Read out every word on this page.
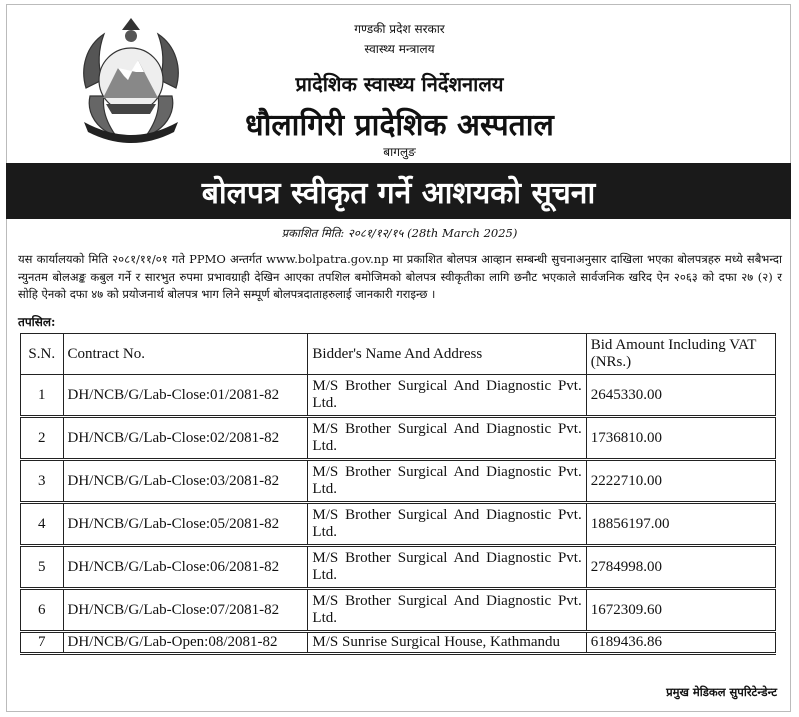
गण्डकी प्रदेश सरकार
स्वास्थ्य मन्त्रालय
प्रादेशिक स्वास्थ्य निर्देशनालय
धौलागिरी प्रादेशिक अस्पताल
बागलुङ
बोलपत्र स्वीकृत गर्ने आशयको सूचना
प्रकाशित मिति: २०८१/१२/१५ (28th March 2025)
यस कार्यालयको मिति २०८१/११/०१ गते PPMO अन्तर्गत www.bolpatra.gov.np मा प्रकाशित बोलपत्र आव्हान सम्बन्धी सुचनाअनुसार दाखिला भएका बोलपत्रहरु मध्ये सबैभन्दा न्युनतम बोलअङ्क कबुल गर्ने र सारभुत रुपमा प्रभावग्राही देखिन आएका तपशिल बमोजिमको बोलपत्र स्वीकृतीका लागि छनौट भएकाले सार्वजनिक खरिद ऐन २०६३ को दफा २७ (२) र सोहि ऐनको दफा ४७ को प्रयोजनार्थ बोलपत्र भाग लिने सम्पूर्ण बोलपत्रदाताहरुलाई जानकारी गराइन्छ ।
तपसिल:
S.N.	Contract No.	Bidder's Name And Address	Bid Amount Including VAT (NRs.)
1	DH/NCB/G/Lab-Close:01/2081-82	M/S Brother Surgical And Diagnostic Pvt. Ltd.	2645330.00
2	DH/NCB/G/Lab-Close:02/2081-82	M/S Brother Surgical And Diagnostic Pvt. Ltd.	1736810.00
3	DH/NCB/G/Lab-Close:03/2081-82	M/S Brother Surgical And Diagnostic Pvt. Ltd.	2222710.00
4	DH/NCB/G/Lab-Close:05/2081-82	M/S Brother Surgical And Diagnostic Pvt. Ltd.	18856197.00
5	DH/NCB/G/Lab-Close:06/2081-82	M/S Brother Surgical And Diagnostic Pvt. Ltd.	2784998.00
6	DH/NCB/G/Lab-Close:07/2081-82	M/S Brother Surgical And Diagnostic Pvt. Ltd.	1672309.60
7	DH/NCB/G/Lab-Open:08/2081-82	M/S Sunrise Surgical House, Kathmandu	6189436.86
प्रमुख मेडिकल सुपरिटेन्डेन्ट
